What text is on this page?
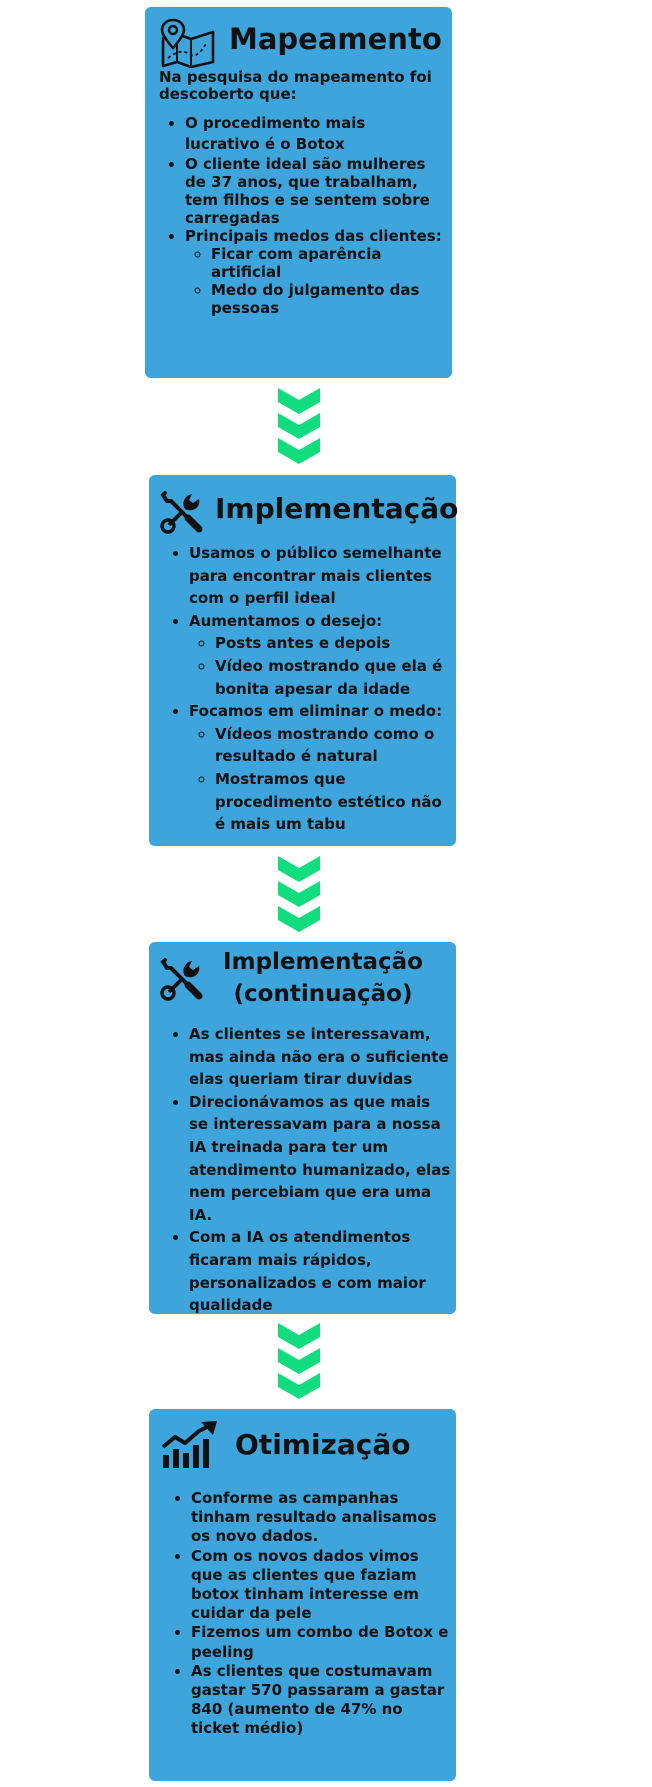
Mapeamento

Na pesquisa do mapeamento foi descoberto que:

• O procedimento mais lucrativo é o Botox
• O cliente ideal são mulheres de 37 anos, que trabalham, tem filhos e se sentem sobre carregadas
• Principais medos das clientes:
◦ Ficar com aparência artificial
◦ Medo do julgamento das pessoas
Implementação
• Usamos o público semelhante para encontrar mais clientes com o perfil ideal
• Aumentamos o desejo:
◦ Posts antes e depois
◦ Vídeo mostrando que ela é bonita apesar da idade
• Focamos em eliminar o medo:
◦ Vídeos mostrando como o resultado é natural
◦ Mostramos que procedimento estético não é mais um tabu
Implementação (continuação)
• As clientes se interessavam, mas ainda não era o suficiente elas queriam tirar duvidas
• Direcionávamos as que mais se interessavam para a nossa IA treinada para ter um atendimento humanizado, elas nem percebiam que era uma IA.
• Com a IA os atendimentos ficaram mais rápidos, personalizados e com maior qualidade
Otimização
• Conforme as campanhas tinham resultado analisamos os novo dados.
• Com os novos dados vimos que as clientes que faziam botox tinham interesse em cuidar da pele
• Fizemos um combo de Botox e peeling
• As clientes que costumavam gastar 570 passaram a gastar 840 (aumento de 47% no ticket médio)
